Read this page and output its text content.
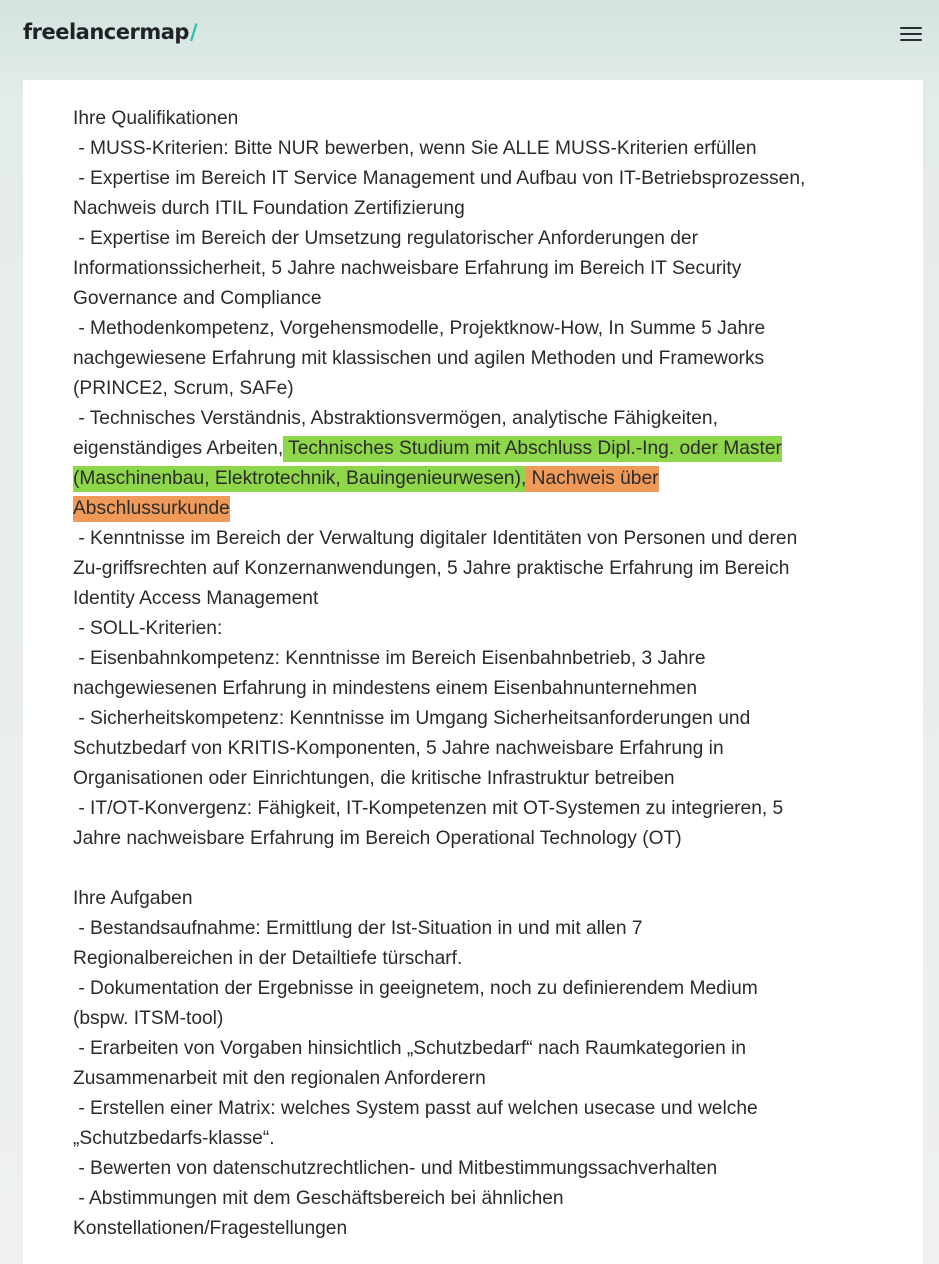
freelancermap/
Ihre Qualifikationen
- MUSS-Kriterien: Bitte NUR bewerben, wenn Sie ALLE MUSS-Kriterien erfüllen
- Expertise im Bereich IT Service Management und Aufbau von IT-Betriebsprozessen,
Nachweis durch ITIL Foundation Zertifizierung
- Expertise im Bereich der Umsetzung regulatorischer Anforderungen der
Informationssicherheit, 5 Jahre nachweisbare Erfahrung im Bereich IT Security
Governance and Compliance
- Methodenkompetenz, Vorgehensmodelle, Projektknow-How, In Summe 5 Jahre
nachgewiesene Erfahrung mit klassischen und agilen Methoden und Frameworks
(PRINCE2, Scrum, SAFe)
- Technisches Verständnis, Abstraktionsvermögen, analytische Fähigkeiten,
eigenständiges Arbeiten, Technisches Studium mit Abschluss Dipl.-Ing. oder Master
(Maschinenbau, Elektrotechnik, Bauingenieurwesen), Nachweis über
Abschlussurkunde
- Kenntnisse im Bereich der Verwaltung digitaler Identitäten von Personen und deren
Zu-griffsrechten auf Konzernanwendungen, 5 Jahre praktische Erfahrung im Bereich
Identity Access Management
- SOLL-Kriterien:
- Eisenbahnkompetenz: Kenntnisse im Bereich Eisenbahnbetrieb, 3 Jahre
nachgewiesenen Erfahrung in mindestens einem Eisenbahnunternehmen
- Sicherheitskompetenz: Kenntnisse im Umgang Sicherheitsanforderungen und
Schutzbedarf von KRITIS-Komponenten, 5 Jahre nachweisbare Erfahrung in
Organisationen oder Einrichtungen, die kritische Infrastruktur betreiben
- IT/OT-Konvergenz: Fähigkeit, IT-Kompetenzen mit OT-Systemen zu integrieren, 5
Jahre nachweisbare Erfahrung im Bereich Operational Technology (OT)
Ihre Aufgaben
- Bestandsaufnahme: Ermittlung der Ist-Situation in und mit allen 7
Regionalbereichen in der Detailtiefe türscharf.
- Dokumentation der Ergebnisse in geeignetem, noch zu definierendem Medium
(bspw. ITSM-tool)
- Erarbeiten von Vorgaben hinsichtlich „Schutzbedarf“ nach Raumkategorien in
Zusammenarbeit mit den regionalen Anforderern
- Erstellen einer Matrix: welches System passt auf welchen usecase und welche
„Schutzbedarfs-klasse“.
- Bewerten von datenschutzrechtlichen- und Mitbestimmungssachverhalten
- Abstimmungen mit dem Geschäftsbereich bei ähnlichen
Konstellationen/Fragestellungen
